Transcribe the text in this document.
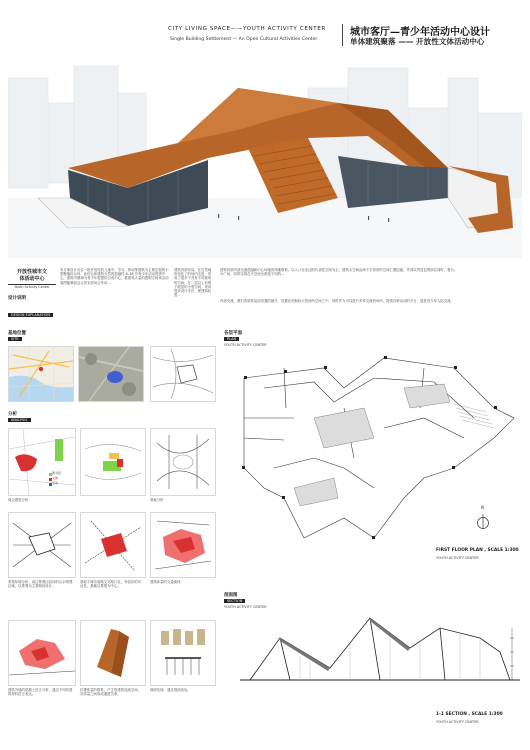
CITY LIVING SPACE——YOUTH ACTIVITY CENTER
Single Building Settlement — An Open Cultural Activities Center
城市客厅—青少年活动中心设计
单体建筑聚落 —— 开放性文体活动中心
开放性城市文
体活动中心
Youth Activity Center
设计说明
DESIGN EXPLANATION
本方案设计出位一批开放性的儿童中、学习、休闲等建筑为主要在展的小型聚落综合体，此综合体建筑天然的混融性 8–16 岁青少年活动提供中心。建筑内强调为青少年提提供自成中心，推建筑大量的透明空间来活动周围能够而且让世实验场合作用...
建筑内部布局，在自然地形变化了的场内走进，形成了很多个具有不同视角的空间，在二层以上有利于展览的小型空间，采用很多设计手法，使建筑轻盈...
建筑内部内部交流混融和中心场地的场地联系，以入口在北边的代表性空间为正，建筑大空间由两个平常常的空间仁慢层级，外部以贯连包围部位同时，看台、小广场，同时实现在天空间全都是不同的...
内部交流，我们希望其局部设置的最多，设置在面积较大的场所空间之中，同时作为可以进行多样交流的场所，提供各种活动的平台，促进青少年人际交流。
基地位置
SITE
分析
ANALYSIS
图书馆
文体
活动
周边建筑分析	基地分析
景观环境分析，周边景观比较好的山水景观区域，以景观为主要朝向设计。
基地于城市道路交叉路口处，有较好的可达性，基地以景观为中心。
建筑体量的交通流线
建筑外墙的混凝土语言分析，通过不同的建筑材料语言表达。
折叠体量的联系，产生的建筑连续空间，各体量之间形成通透关系。
细部处理，通过细部表达。
各层平面
PLAN
YOUTH ACTIVITY CENTER
N
FIRST FLOOR PLAN , SCALE 1:300
YOUTH ACTIVITY CENTER
剖面图
SECTION
YOUTH ACTIVITY CENTER
1-1 SECTION , SCALE 1:300
YOUTH ACTIVITY CENTER
